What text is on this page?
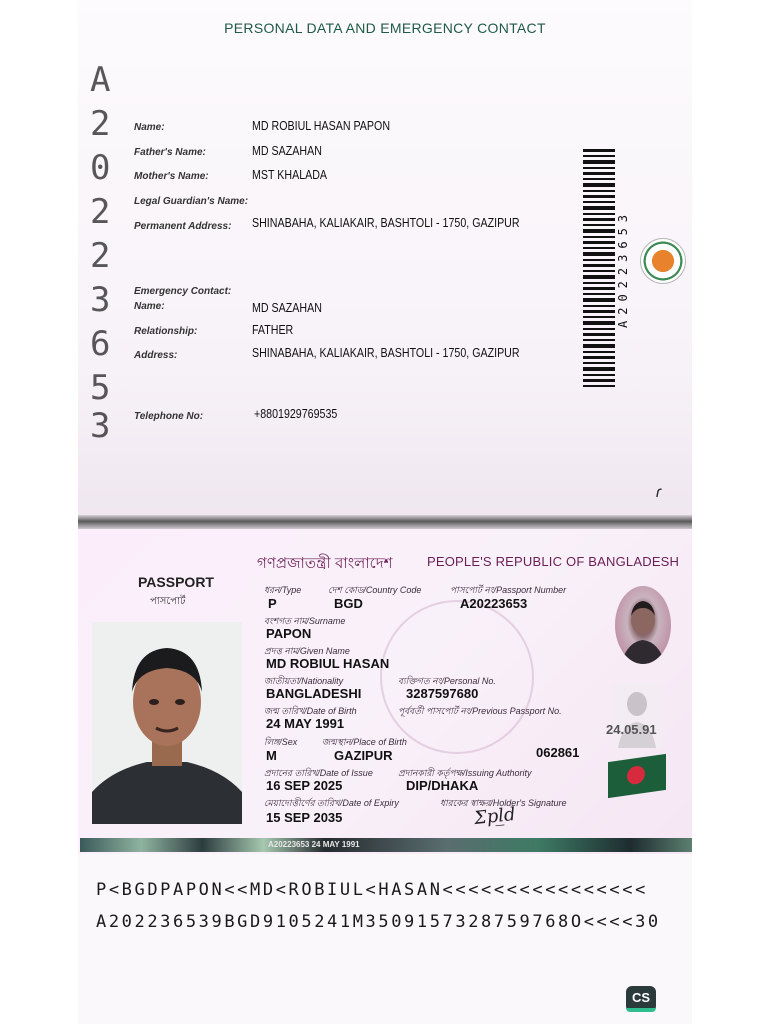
PERSONAL DATA AND EMERGENCY CONTACT
A
2
0
2
2
3
6
5
3
Name:	MD ROBIUL HASAN PAPON
Father's Name:	MD SAZAHAN
Mother's Name:	MST KHALADA
Legal Guardian's Name:
Permanent Address: SHINABAHA, KALIAKAIR, BASHTOLI - 1750, GAZIPUR
Emergency Contact:
Name:	MD SAZAHAN
Relationship:	FATHER
Address:	SHINABAHA, KALIAKAIR, BASHTOLI - 1750, GAZIPUR
Telephone No:	+8801929769535
A20223653
ɾ
PASSPORT
পাসপোর্ট
গণপ্রজাতন্ত্রী বাংলাদেশ	PEOPLE'S REPUBLIC OF BANGLADESH
ধরন/Type	দেশ কোড/Country Code	পাসপোর্ট নং/Passport Number
P	BGD	A20223653
বংশগত নাম/Surname
PAPON
প্রদত্ত নাম/Given Name
MD ROBIUL HASAN
জাতীয়তা/Nationality	ব্যক্তিগত নং/Personal No.
BANGLADESHI	3287597680
জন্ম তারিখ/Date of Birth	পূর্ববর্তী পাসপোর্ট নং/Previous Passport No.
24 MAY 1991
লিঙ্গ/Sex	জন্মস্থান/Place of Birth
M	GAZIPUR	062861
প্রদানের তারিখ/Date of Issue	প্রদানকারী কর্তৃপক্ষ/Issuing Authority
16 SEP 2025	DIP/DHAKA
মেয়াদোত্তীর্ণের তারিখ/Date of Expiry	ধারকের স্বাক্ষর/Holder's Signature
15 SEP 2035	Ʃpl̲d
24.05.91
A20223653 24 MAY 1991
P<BGDPAPON<<MD<ROBIUL<HASAN<<<<<<<<<<<<<<<<
A202236539BGD9105241M3509157328759768O<<<<30
CS
